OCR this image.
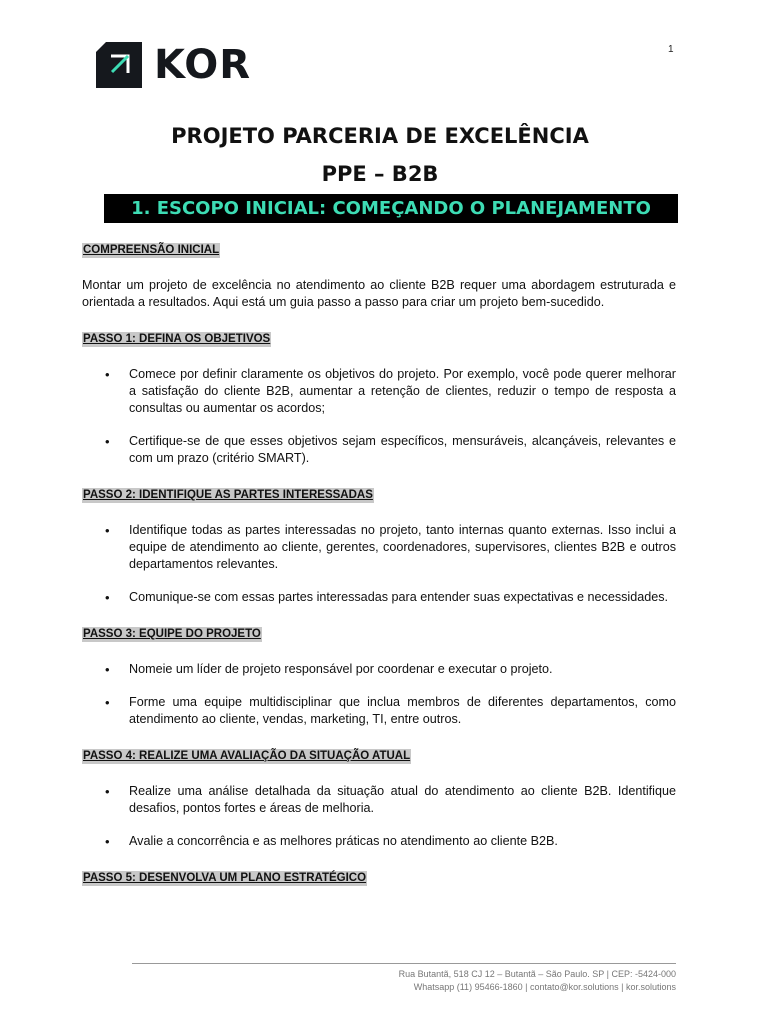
KOR	1
PROJETO PARCERIA DE EXCELÊNCIA
PPE – B2B
1. ESCOPO INICIAL: COMEÇANDO O PLANEJAMENTO
COMPREENSÃO INICIAL

Montar um projeto de excelência no atendimento ao cliente B2B requer uma abordagem estruturada e orientada a resultados. Aqui está um guia passo a passo para criar um projeto bem-sucedido.

PASSO 1: DEFINA OS OBJETIVOS
• Comece por definir claramente os objetivos do projeto. Por exemplo, você pode querer melhorar a satisfação do cliente B2B, aumentar a retenção de clientes, reduzir o tempo de resposta a consultas ou aumentar os acordos;
• Certifique-se de que esses objetivos sejam específicos, mensuráveis, alcançáveis, relevantes e com um prazo (critério SMART).
PASSO 2: IDENTIFIQUE AS PARTES INTERESSADAS
• Identifique todas as partes interessadas no projeto, tanto internas quanto externas. Isso inclui a equipe de atendimento ao cliente, gerentes, coordenadores, supervisores, clientes B2B e outros departamentos relevantes.
• Comunique-se com essas partes interessadas para entender suas expectativas e necessidades.
PASSO 3: EQUIPE DO PROJETO
• Nomeie um líder de projeto responsável por coordenar e executar o projeto.
• Forme uma equipe multidisciplinar que inclua membros de diferentes departamentos, como atendimento ao cliente, vendas, marketing, TI, entre outros.
PASSO 4: REALIZE UMA AVALIAÇÃO DA SITUAÇÃO ATUAL
• Realize uma análise detalhada da situação atual do atendimento ao cliente B2B. Identifique desafios, pontos fortes e áreas de melhoria.
• Avalie a concorrência e as melhores práticas no atendimento ao cliente B2B.
PASSO 5: DESENVOLVA UM PLANO ESTRATÉGICO
Rua Butantã, 518 CJ 12 – Butantã – São Paulo. SP | CEP: -5424-000
Whatsapp (11) 95466-1860 | contato@kor.solutions | kor.solutions
